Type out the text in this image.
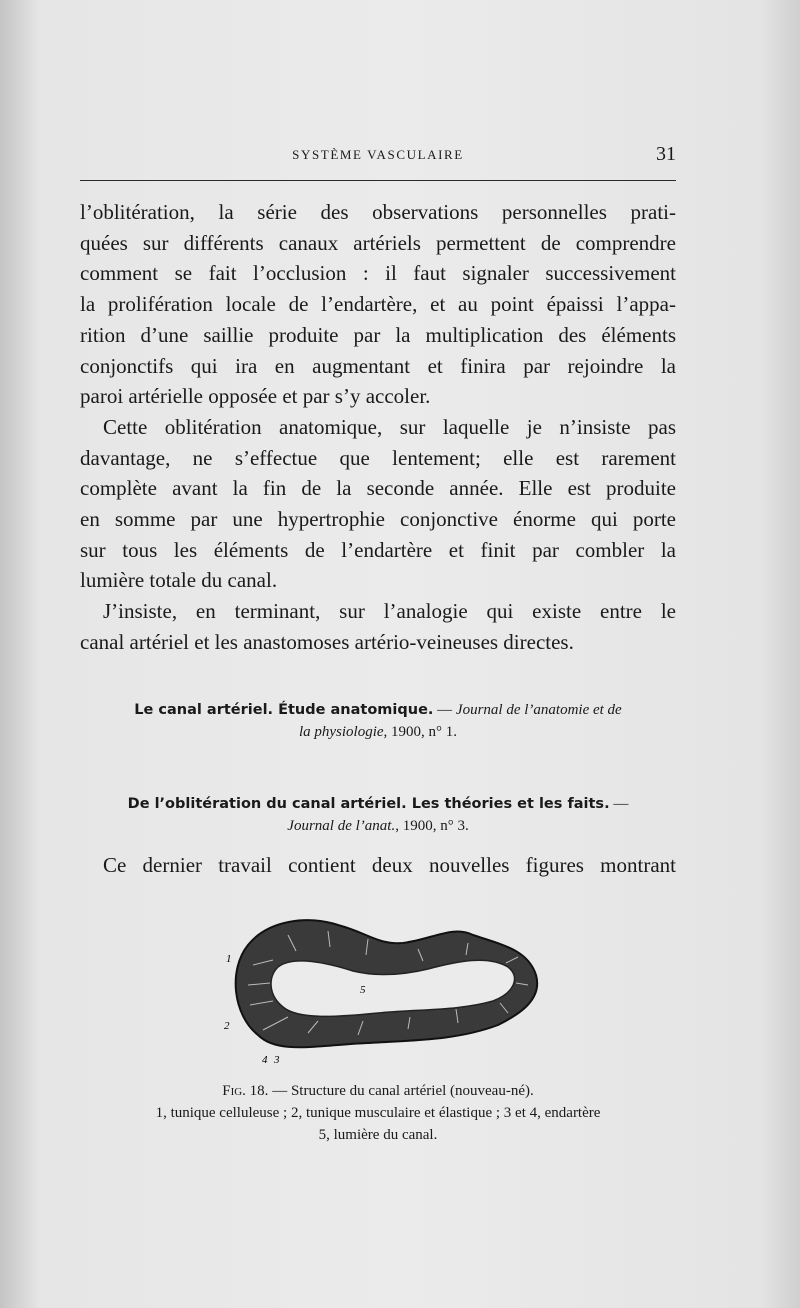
SYSTÈME VASCULAIRE	31

l’oblitération, la série des observations personnelles prati-

quées sur différents canaux artériels permettent de comprendre

comment se fait l’occlusion : il faut signaler successivement

la prolifération locale de l’endartère, et au point épaissi l’appa-

rition d’une saillie produite par la multiplication des éléments

conjonctifs qui ira en augmentant et finira par rejoindre la

paroi artérielle opposée et par s’y accoler.

Cette oblitération anatomique, sur laquelle je n’insiste pas

davantage, ne s’effectue que lentement; elle est rarement

complète avant la fin de la seconde année. Elle est produite

en somme par une hypertrophie conjonctive énorme qui porte

sur tous les éléments de l’endartère et finit par combler la

lumière totale du canal.

J’insiste, en terminant, sur l’analogie qui existe entre le

canal artériel et les anastomoses artério-veineuses directes.

Le canal artériel. Étude anatomique. — Journal de l’anatomie et de
la physiologie, 1900, n° 1.
De l’oblitération du canal artériel. Les théories et les faits. —
Journal de l’anat., 1900, n° 3.
Ce dernier travail contient deux nouvelles figures montrant
1
2
3
4
5
Fig. 18. — Structure du canal artériel (nouveau-né).
1, tunique celluleuse ; 2, tunique musculaire et élastique ; 3 et 4, endartère
5, lumière du canal.
